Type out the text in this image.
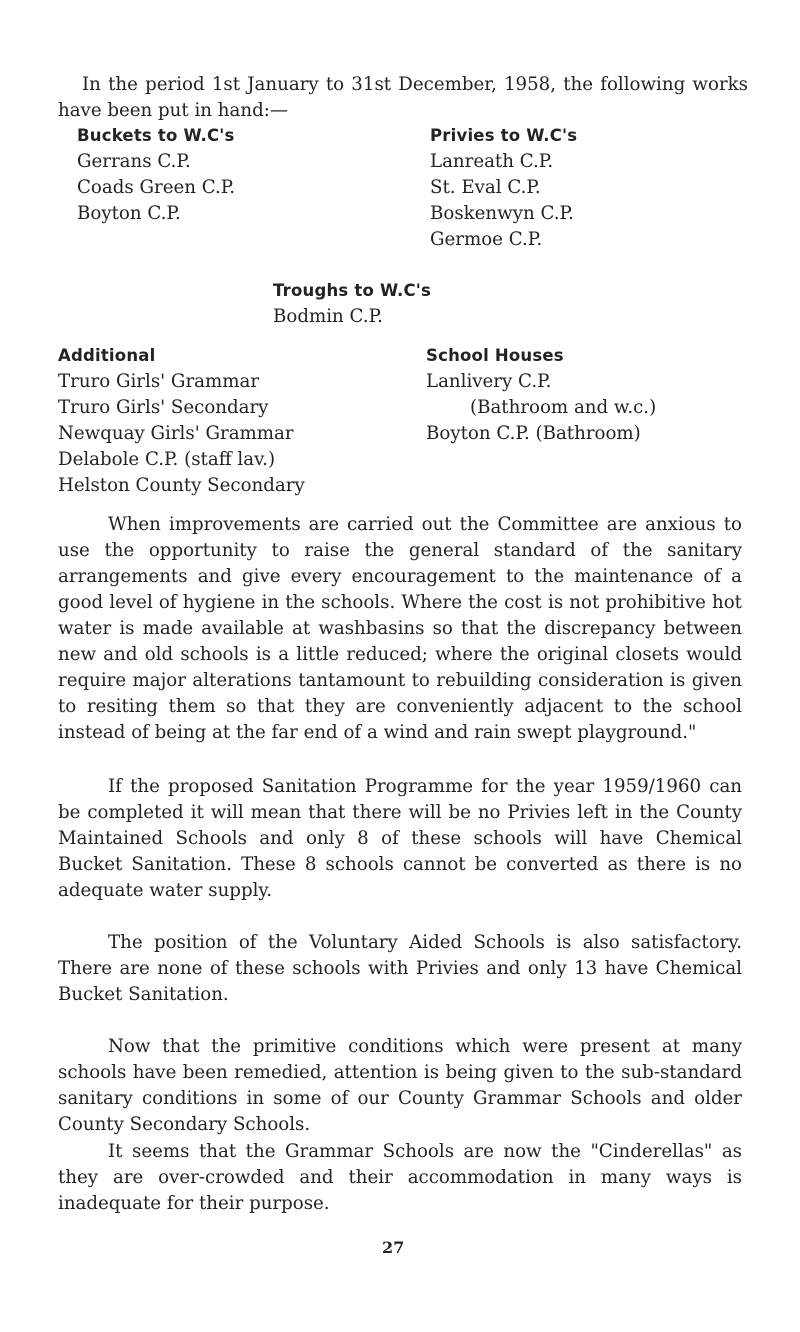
In the period 1st January to 31st December, 1958, the following works have been put in hand:—

Buckets to W.C's
Gerrans C.P.
Coads Green C.P.
Boyton C.P.
Privies to W.C's
Lanreath C.P.
St. Eval C.P.
Boskenwyn C.P.
Germoe C.P.
Troughs to W.C's
Bodmin C.P.
Additional
Truro Girls' Grammar
Truro Girls' Secondary
Newquay Girls' Grammar
Delabole C.P. (staff lav.)
Helston County Secondary
School Houses
Lanlivery C.P.
(Bathroom and w.c.)
Boyton C.P. (Bathroom)

When improvements are carried out the Committee are anxious to use the opportunity to raise the general standard of the sanitary arrangements and give every encouragement to the maintenance of a good level of hygiene in the schools. Where the cost is not prohibitive hot water is made available at washbasins so that the discrepancy between new and old schools is a little reduced; where the original closets would require major alterations tantamount to rebuilding consideration is given to resiting them so that they are conveniently adjacent to the school instead of being at the far end of a wind and rain swept playground."

If the proposed Sanitation Programme for the year 1959/1960 can be completed it will mean that there will be no Privies left in the County Maintained Schools and only 8 of these schools will have Chemical Bucket Sanitation. These 8 schools cannot be converted as there is no adequate water supply.

The position of the Voluntary Aided Schools is also satisfactory. There are none of these schools with Privies and only 13 have Chemical Bucket Sanitation.

Now that the primitive conditions which were present at many schools have been remedied, attention is being given to the sub-standard sanitary conditions in some of our County Grammar Schools and older County Secondary Schools.

It seems that the Grammar Schools are now the "Cinderellas" as they are over-crowded and their accommodation in many ways is inadequate for their purpose.

27
